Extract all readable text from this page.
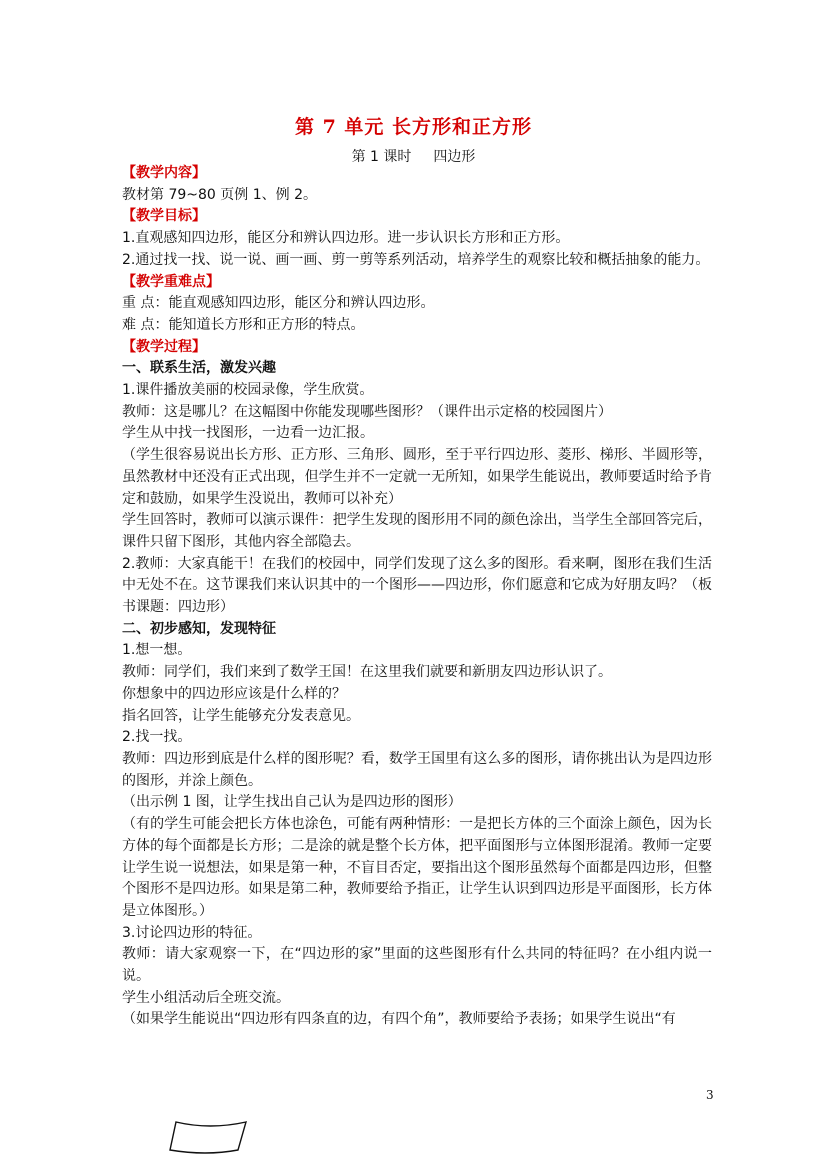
第 7 单元 长方形和正方形
第 1 课时 四边形

【教学内容】

教材第 79~80 页例 1、例 2。

【教学目标】

1.直观感知四边形，能区分和辨认四边形。进一步认识长方形和正方形。

2.通过找一找、说一说、画一画、剪一剪等系列活动，培养学生的观察比较和概括抽象的能力。

【教学重难点】

重 点：能直观感知四边形，能区分和辨认四边形。

难 点：能知道长方形和正方形的特点。

【教学过程】

一、联系生活，激发兴趣

1.课件播放美丽的校园录像，学生欣赏。

教师：这是哪儿？在这幅图中你能发现哪些图形？（课件出示定格的校园图片）

学生从中找一找图形，一边看一边汇报。

（学生很容易说出长方形、正方形、三角形、圆形，至于平行四边形、菱形、梯形、半圆形等，虽然教材中还没有正式出现，但学生并不一定就一无所知，如果学生能说出，教师要适时给予肯定和鼓励，如果学生没说出，教师可以补充）

学生回答时，教师可以演示课件：把学生发现的图形用不同的颜色涂出，当学生全部回答完后，课件只留下图形，其他内容全部隐去。

2.教师：大家真能干！在我们的校园中，同学们发现了这么多的图形。看来啊，图形在我们生活中无处不在。这节课我们来认识其中的一个图形——四边形，你们愿意和它成为好朋友吗？（板书课题：四边形）

二、初步感知，发现特征

1.想一想。

教师：同学们，我们来到了数学王国！在这里我们就要和新朋友四边形认识了。

你想象中的四边形应该是什么样的？

指名回答，让学生能够充分发表意见。

2.找一找。

教师：四边形到底是什么样的图形呢？看，数学王国里有这么多的图形，请你挑出认为是四边形的图形，并涂上颜色。

（出示例 1 图，让学生找出自己认为是四边形的图形）

（有的学生可能会把长方体也涂色，可能有两种情形：一是把长方体的三个面涂上颜色，因为长方体的每个面都是长方形；二是涂的就是整个长方体，把平面图形与立体图形混淆。教师一定要让学生说一说想法，如果是第一种，不盲目否定，要指出这个图形虽然每个面都是四边形，但整个图形不是四边形。如果是第二种，教师要给予指正，让学生认识到四边形是平面图形，长方体是立体图形。）

3.讨论四边形的特征。

教师：请大家观察一下，在“四边形的家”里面的这些图形有什么共同的特征吗？在小组内说一说。

学生小组活动后全班交流。

（如果学生能说出“四边形有四条直的边，有四个角”，教师要给予表扬；如果学生说出“有

3
